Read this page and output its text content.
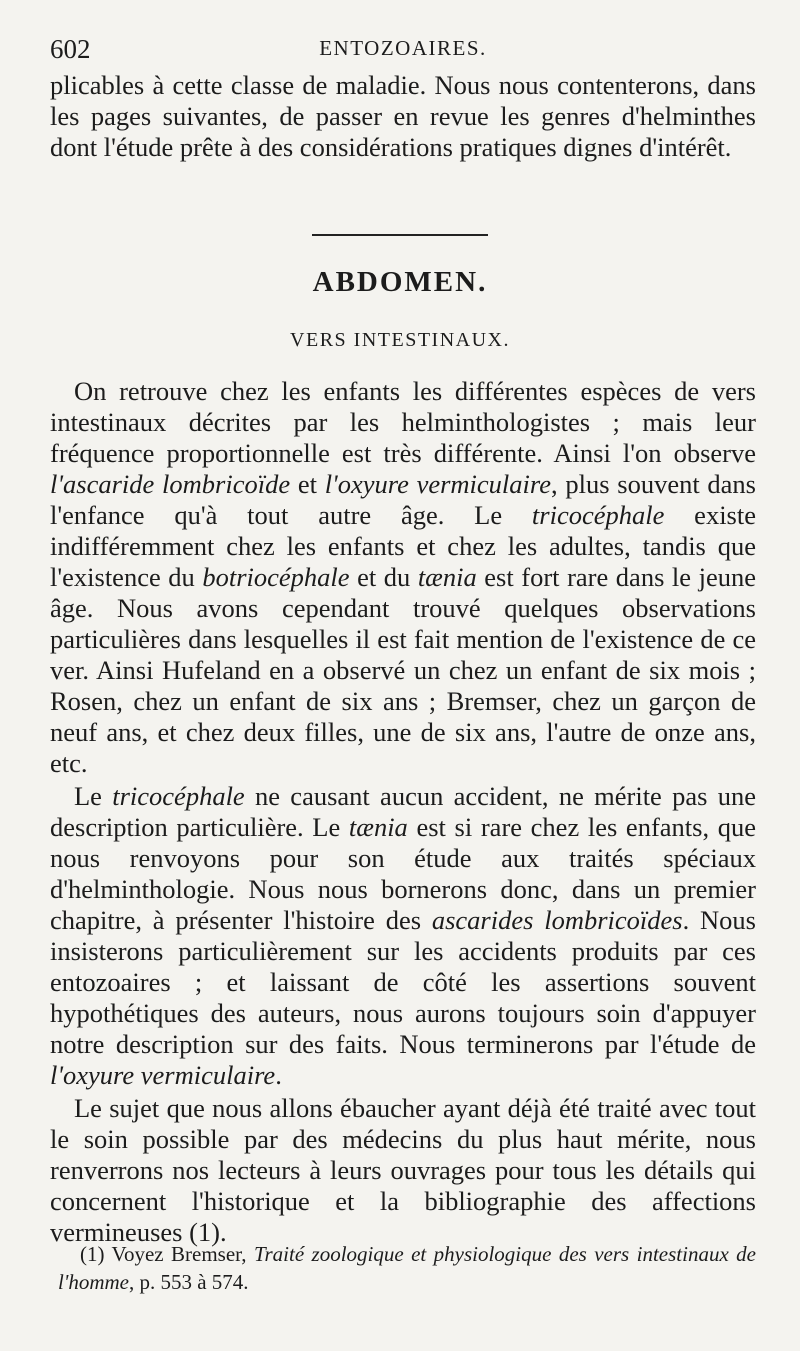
602	ENTOZOAIRES.

plicables à cette classe de maladie. Nous nous contenterons, dans les pages suivantes, de passer en revue les genres d'helminthes dont l'étude prête à des considérations pratiques dignes d'intérêt.

ABDOMEN.
VERS INTESTINAUX.

On retrouve chez les enfants les différentes espèces de vers intestinaux décrites par les helminthologistes ; mais leur fréquence proportionnelle est très différente. Ainsi l'on observe l'ascaride lombricoïde et l'oxyure vermiculaire, plus souvent dans l'enfance qu'à tout autre âge. Le tricocéphale existe indifféremment chez les enfants et chez les adultes, tandis que l'existence du botriocéphale et du tænia est fort rare dans le jeune âge. Nous avons cependant trouvé quelques observations particulières dans lesquelles il est fait mention de l'existence de ce ver. Ainsi Hufeland en a observé un chez un enfant de six mois ; Rosen, chez un enfant de six ans ; Bremser, chez un garçon de neuf ans, et chez deux filles, une de six ans, l'autre de onze ans, etc.

Le tricocéphale ne causant aucun accident, ne mérite pas une description particulière. Le tænia est si rare chez les enfants, que nous renvoyons pour son étude aux traités spéciaux d'helminthologie. Nous nous bornerons donc, dans un premier chapitre, à présenter l'histoire des ascarides lombricoïdes. Nous insisterons particulièrement sur les accidents produits par ces entozoaires ; et laissant de côté les assertions souvent hypothétiques des auteurs, nous aurons toujours soin d'appuyer notre description sur des faits. Nous terminerons par l'étude de l'oxyure vermiculaire.

Le sujet que nous allons ébaucher ayant déjà été traité avec tout le soin possible par des médecins du plus haut mérite, nous renverrons nos lecteurs à leurs ouvrages pour tous les détails qui concernent l'historique et la bibliographie des affections vermineuses (1).

(1) Voyez Bremser, Traité zoologique et physiologique des vers intestinaux de l'homme, p. 553 à 574.
